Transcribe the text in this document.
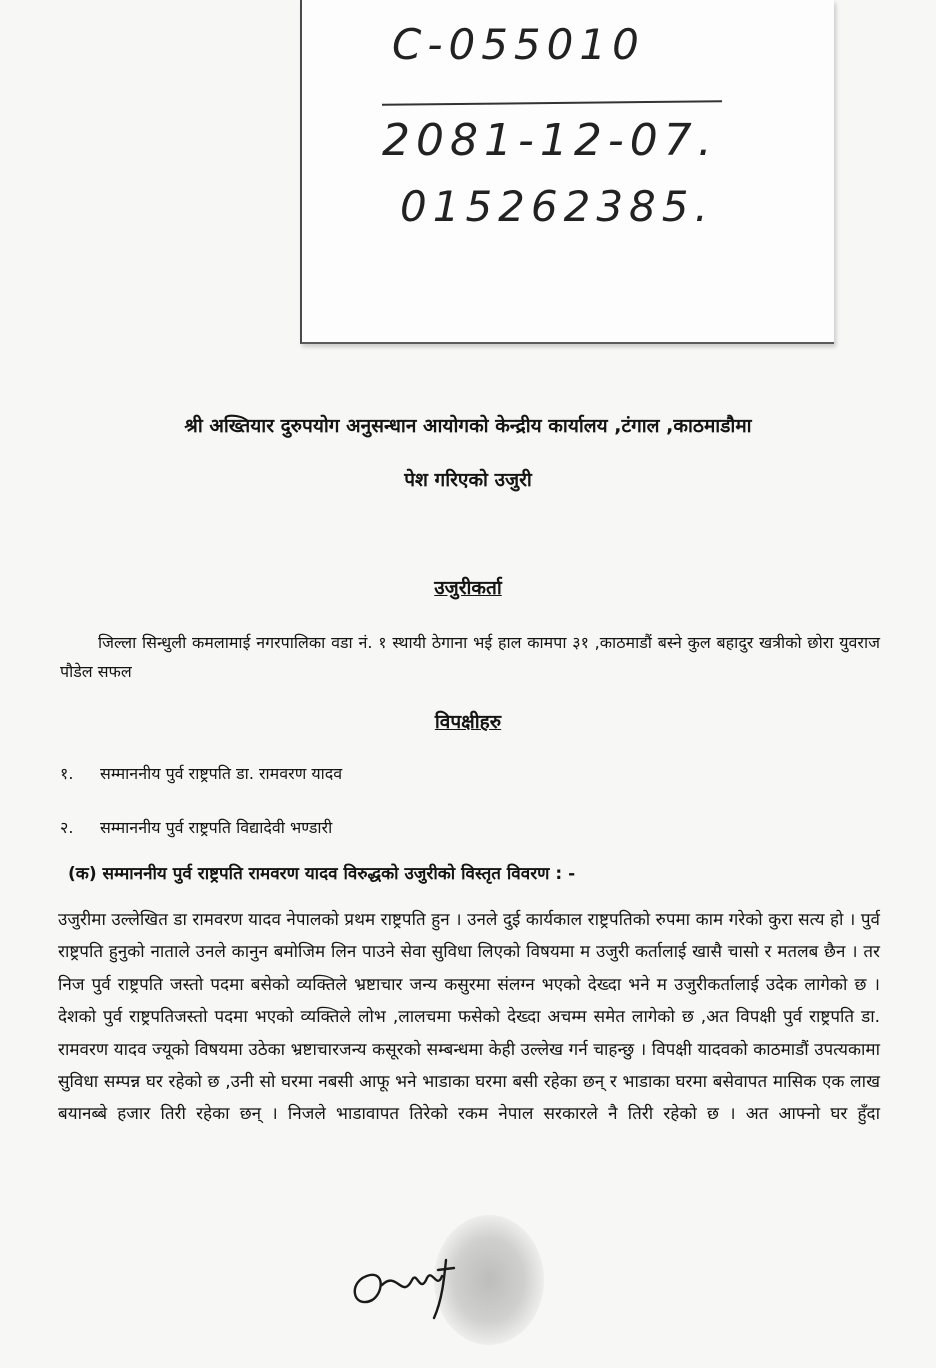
C-055010
2081-12-07.
015262385.
श्री अख्तियार दुरुपयोग अनुसन्धान आयोगको केन्द्रीय कार्यालय ,टंगाल ,काठमाडौमा
पेश गरिएको उजुरी
उजुरीकर्ता
जिल्ला सिन्धुली कमलामाई नगरपालिका वडा नं. १ स्थायी ठेगाना भई हाल कामपा ३१ ,काठमाडौं बस्ने कुल बहादुर खत्रीको छोरा युवराज पौडेल सफल
विपक्षीहरु
१. सम्माननीय पुर्व राष्ट्रपति डा. रामवरण यादव
२. सम्माननीय पुर्व राष्ट्रपति विद्यादेवी भण्डारी
(क) सम्माननीय पुर्व राष्ट्रपति रामवरण यादव विरुद्धको उजुरीको विस्तृत विवरण : -
उजुरीमा उल्लेखित डा रामवरण यादव नेपालको प्रथम राष्ट्रपति हुन । उनले दुई कार्यकाल राष्ट्रपतिको रुपमा काम गरेको कुरा सत्य हो । पुर्व राष्ट्रपति हुनुको नाताले उनले कानुन बमोजिम लिन पाउने सेवा सुविधा लिएको विषयमा म उजुरी कर्तालाई खासै चासो र मतलब छैन । तर निज पुर्व राष्ट्रपति जस्तो पदमा बसेको व्यक्तिले भ्रष्टाचार जन्य कसुरमा संलग्न भएको देख्दा भने म उजुरीकर्तालाई उदेक लागेको छ । देशको पुर्व राष्ट्रपतिजस्तो पदमा भएको व्यक्तिले लोभ ,लालचमा फसेको देख्दा अचम्म समेत लागेको छ ,अत विपक्षी पुर्व राष्ट्रपति डा. रामवरण यादव ज्यूको विषयमा उठेका भ्रष्टाचारजन्य कसूरको सम्बन्धमा केही उल्लेख गर्न चाहन्छु । विपक्षी यादवको काठमाडौं उपत्यकामा सुविधा सम्पन्न घर रहेको छ ,उनी सो घरमा नबसी आफू भने भाडाका घरमा बसी रहेका छन् र भाडाका घरमा बसेवापत मासिक एक लाख बयानब्बे हजार तिरी रहेका छन् । निजले भाडावापत तिरेको रकम नेपाल सरकारले नै तिरी रहेको छ । अत आफ्नो घर हुँदा
